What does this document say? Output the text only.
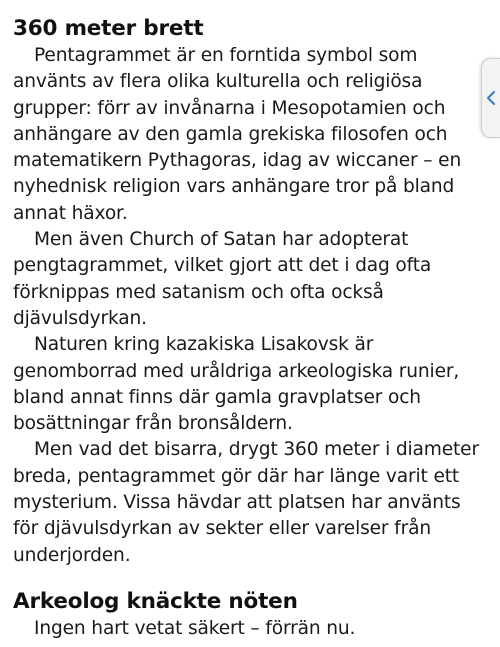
360 meter brett

Pentagrammet är en forntida symbol som använts av flera olika kulturella och religiösa grupper: förr av invånarna i Mesopotamien och anhängare av den gamla grekiska filosofen och matematikern Pythagoras, idag av wiccaner – en nyhednisk religion vars anhängare tror på bland annat häxor.

Men även Church of Satan har adopterat pengtagrammet, vilket gjort att det i dag ofta förknippas med satanism och ofta också djävulsdyrkan.

Naturen kring kazakiska Lisakovsk är genomborrad med uråldriga arkeologiska runier, bland annat finns där gamla gravplatser och bosättningar från bronsåldern.

Men vad det bisarra, drygt 360 meter i diameter breda, pentagrammet gör där har länge varit ett mysterium. Vissa hävdar att platsen har använts för djävulsdyrkan av sekter eller varelser från underjorden.

Arkeolog knäckte nöten

Ingen hart vetat säkert – förrän nu.
